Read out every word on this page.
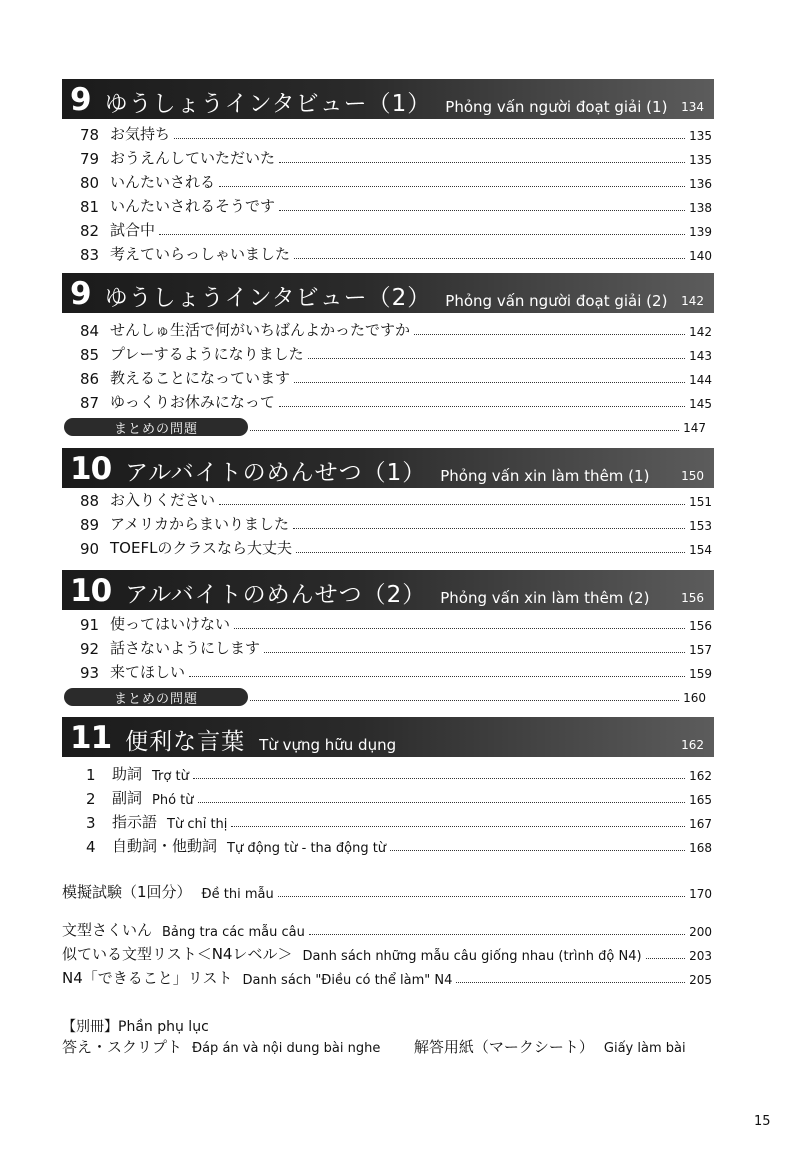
9 ゆうしょうインタビュー（1） Phỏng vấn người đoạt giải (1)	134
78 お気持ち	135
79 おうえんしていただいた	135
80 いんたいされる	136
81 いんたいされるそうです	138
82 試合中	139
83 考えていらっしゃいました	140
9 ゆうしょうインタビュー（2） Phỏng vấn người đoạt giải (2)	142
84 せんしゅ生活で何がいちばんよかったですか	142
85 プレーするようになりました	143
86 教えることになっています	144
87 ゆっくりお休みになって	145
まとめの問題	147
10 アルバイトのめんせつ（1） Phỏng vấn xin làm thêm (1)	150
88 お入りください	151
89 アメリカからまいりました	153
90 TOEFLのクラスなら大丈夫	154
10 アルバイトのめんせつ（2） Phỏng vấn xin làm thêm (2)	156
91 使ってはいけない	156
92 話さないようにします	157
93 来てほしい	159
まとめの問題	160
11 便利な言葉 Từ vựng hữu dụng	162
1	助詞 Trợ từ	162
2	副詞 Phó từ	165
3	指示語 Từ chỉ thị	167
4	自動詞・他動詞 Tự động từ - tha động từ	168
模擬試験（1回分） Đề thi mẫu	170
文型さくいん Bảng tra các mẫu câu	200
似ている文型リスト＜N4レベル＞ Danh sách những mẫu câu giống nhau (trình độ N4)	203
N4「できること」リスト Danh sách "Điều có thể làm" N4	205
【別冊】Phần phụ lục
答え・スクリプト Đáp án và nội dung bài nghe 解答用紙（マークシート） Giấy làm bài
15
